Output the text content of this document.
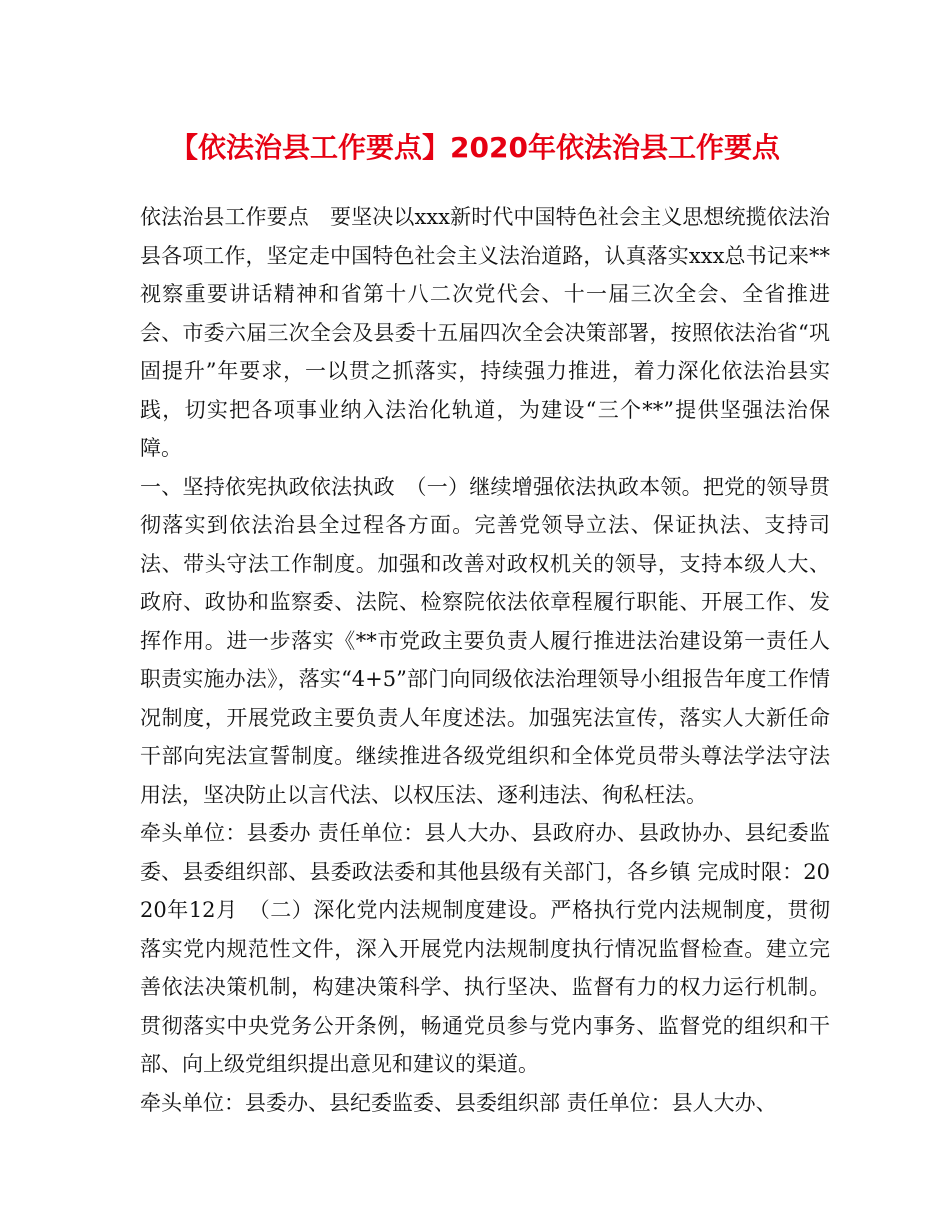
【依法治县工作要点】2020年依法治县工作要点

依法治县工作要点　要坚决以xxx新时代中国特色社会主义思想统揽依法治县各项工作，坚定走中国特色社会主义法治道路，认真落实xxx总书记来**视察重要讲话精神和省第十八二次党代会、十一届三次全会、全省推进会、市委六届三次全会及县委十五届四次全会决策部署，按照依法治省“巩固提升”年要求，一以贯之抓落实，持续强力推进，着力深化依法治县实践，切实把各项事业纳入法治化轨道，为建设“三个**”提供坚强法治保障。

一、坚持依宪执政依法执政　（一）继续增强依法执政本领。把党的领导贯彻落实到依法治县全过程各方面。完善党领导立法、保证执法、支持司法、带头守法工作制度。加强和改善对政权机关的领导，支持本级人大、政府、政协和监察委、法院、检察院依法依章程履行职能、开展工作、发挥作用。进一步落实《**市党政主要负责人履行推进法治建设第一责任人职责实施办法》，落实“4+5”部门向同级依法治理领导小组报告年度工作情况制度，开展党政主要负责人年度述法。加强宪法宣传，落实人大新任命干部向宪法宣誓制度。继续推进各级党组织和全体党员带头尊法学法守法用法，坚决防止以言代法、以权压法、逐利违法、徇私枉法。

牵头单位：县委办 责任单位：县人大办、县政府办、县政协办、县纪委监委、县委组织部、县委政法委和其他县级有关部门，各乡镇 完成时限：2020年12月　（二）深化党内法规制度建设。严格执行党内法规制度，贯彻落实党内规范性文件，深入开展党内法规制度执行情况监督检查。建立完善依法决策机制，构建决策科学、执行坚决、监督有力的权力运行机制。贯彻落实中央党务公开条例，畅通党员参与党内事务、监督党的组织和干部、向上级党组织提出意见和建议的渠道。

牵头单位：县委办、县纪委监委、县委组织部 责任单位：县人大办、
